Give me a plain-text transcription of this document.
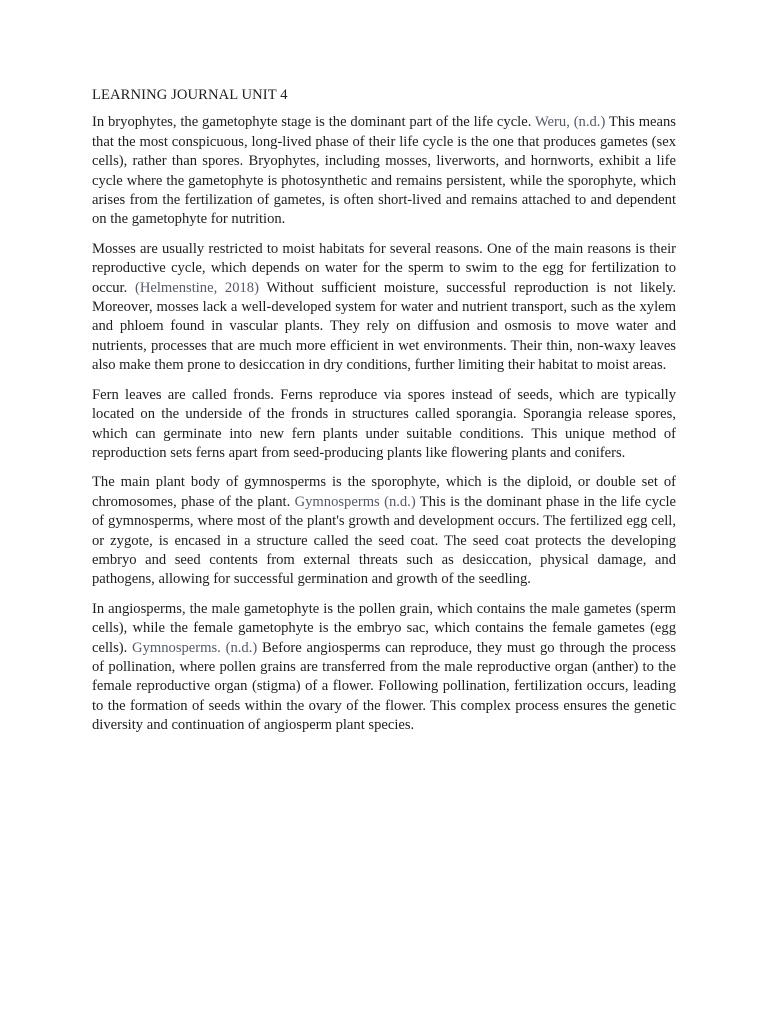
LEARNING JOURNAL UNIT 4

In bryophytes, the gametophyte stage is the dominant part of the life cycle. Weru, (n.d.) This means that the most conspicuous, long-lived phase of their life cycle is the one that produces gametes (sex cells), rather than spores. Bryophytes, including mosses, liverworts, and hornworts, exhibit a life cycle where the gametophyte is photosynthetic and remains persistent, while the sporophyte, which arises from the fertilization of gametes, is often short-lived and remains attached to and dependent on the gametophyte for nutrition.

Mosses are usually restricted to moist habitats for several reasons. One of the main reasons is their reproductive cycle, which depends on water for the sperm to swim to the egg for fertilization to occur. (Helmenstine, 2018) Without sufficient moisture, successful reproduction is not likely. Moreover, mosses lack a well-developed system for water and nutrient transport, such as the xylem and phloem found in vascular plants. They rely on diffusion and osmosis to move water and nutrients, processes that are much more efficient in wet environments. Their thin, non-waxy leaves also make them prone to desiccation in dry conditions, further limiting their habitat to moist areas.

Fern leaves are called fronds. Ferns reproduce via spores instead of seeds, which are typically located on the underside of the fronds in structures called sporangia. Sporangia release spores, which can germinate into new fern plants under suitable conditions. This unique method of reproduction sets ferns apart from seed-producing plants like flowering plants and conifers.

The main plant body of gymnosperms is the sporophyte, which is the diploid, or double set of chromosomes, phase of the plant. Gymnosperms (n.d.) This is the dominant phase in the life cycle of gymnosperms, where most of the plant's growth and development occurs. The fertilized egg cell, or zygote, is encased in a structure called the seed coat. The seed coat protects the developing embryo and seed contents from external threats such as desiccation, physical damage, and pathogens, allowing for successful germination and growth of the seedling.

In angiosperms, the male gametophyte is the pollen grain, which contains the male gametes (sperm cells), while the female gametophyte is the embryo sac, which contains the female gametes (egg cells). Gymnosperms. (n.d.) Before angiosperms can reproduce, they must go through the process of pollination, where pollen grains are transferred from the male reproductive organ (anther) to the female reproductive organ (stigma) of a flower. Following pollination, fertilization occurs, leading to the formation of seeds within the ovary of the flower. This complex process ensures the genetic diversity and continuation of angiosperm plant species.
